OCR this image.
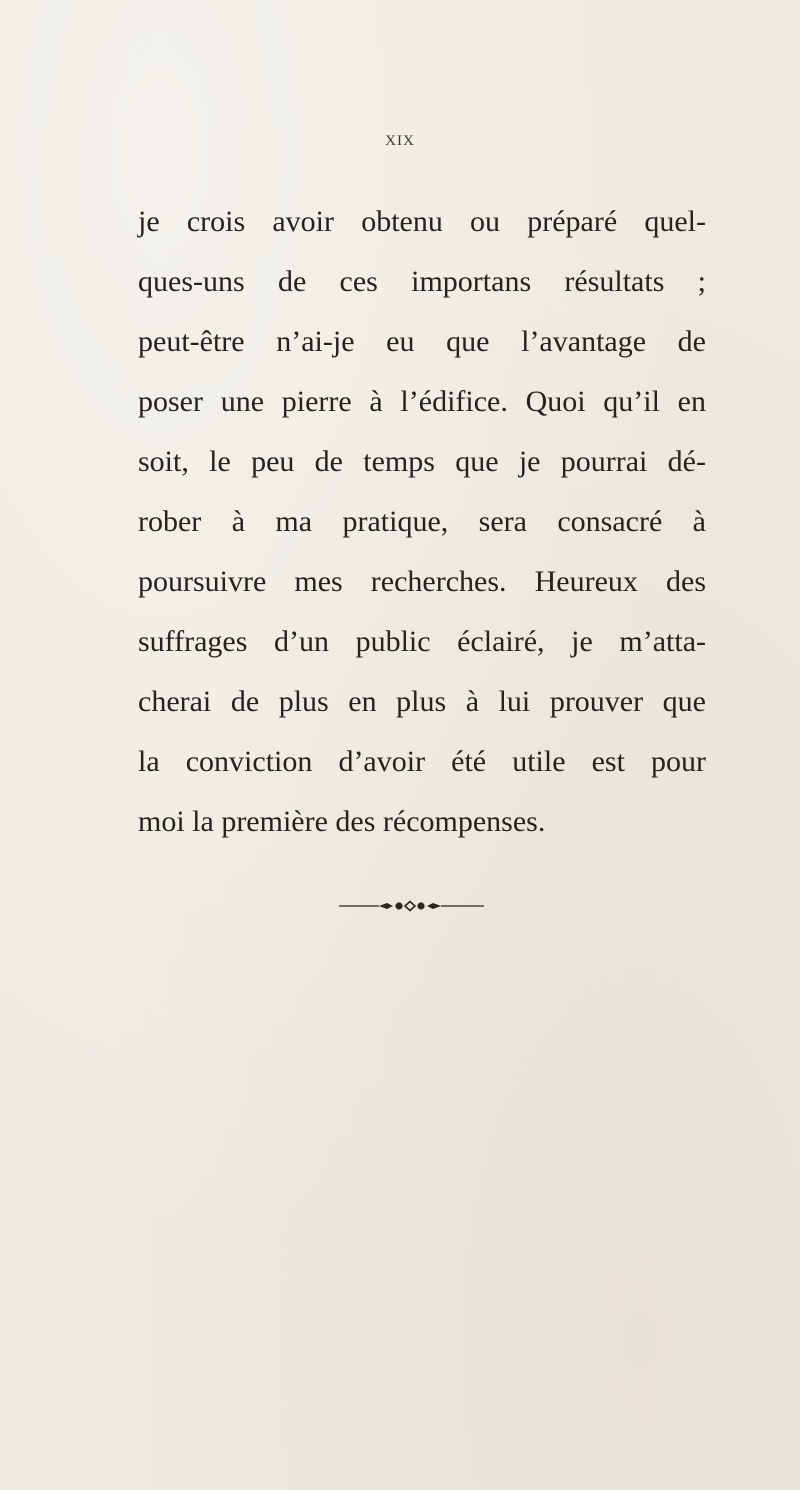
XIX
je crois avoir obtenu ou préparé quel-
ques-uns de ces importans résultats ;
peut-être n’ai-je eu que l’avantage de
poser une pierre à l’édifice. Quoi qu’il en
soit, le peu de temps que je pourrai dé-
rober à ma pratique, sera consacré à
poursuivre mes recherches. Heureux des
suffrages d’un public éclairé, je m’atta-
cherai de plus en plus à lui prouver que
la conviction d’avoir été utile est pour
moi la première des récompenses.
